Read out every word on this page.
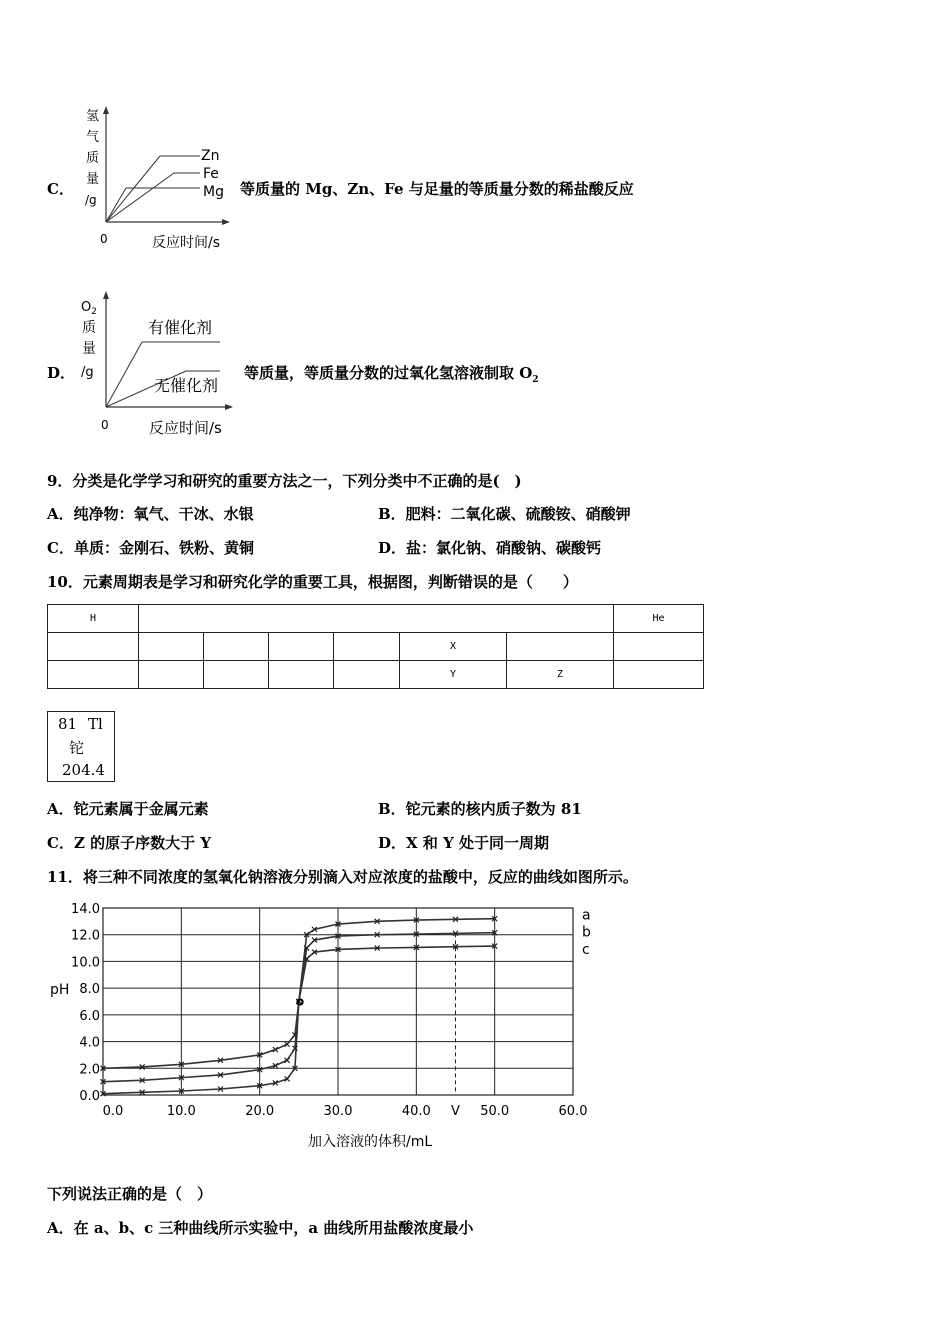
C．
氢
气
质
量
/g
0	反应时间/s
Zn
Fe
Mg 等质量的 Mg、Zn、Fe 与足量的等质量分数的稀盐酸反应
D．
$O_2$
质
量
/g
0	反应时间/s
有催化剂
无催化剂
等质量，等质量分数的过氧化氢溶液制取 $O_2$
9．分类是化学学习和研究的重要方法之一，下列分类中不正确的是(　)
A．纯净物：氧气、干冰、水银	B．肥料：二氧化碳、硫酸铵、硝酸钾
C．单质：金刚石、铁粉、黄铜	D．盐：氯化钠、硝酸钠、碳酸钙
10．元素周期表是学习和研究化学的重要工具，根据图，判断错误的是（　　）
H							He
					X		
					Y	Z	
81 Tl
铊
204.4
A．铊元素属于金属元素	B．铊元素的核内质子数为 81
C．Z 的原子序数大于 Y	D．X 和 Y 处于同一周期
11．将三种不同浓度的氢氧化钠溶液分别滴入对应浓度的盐酸中，反应的曲线如图所示。
a
b
c
o
14.0
12.0
10.0
8.0
6.0
4.0
2.0
0.0
0.0	10.0	20.0	30.0	40.0 V 50.0	60.0
pH
加入溶液的体积/mL
下列说法正确的是（　）
A．在 a、b、c 三种曲线所示实验中，a 曲线所用盐酸浓度最小
